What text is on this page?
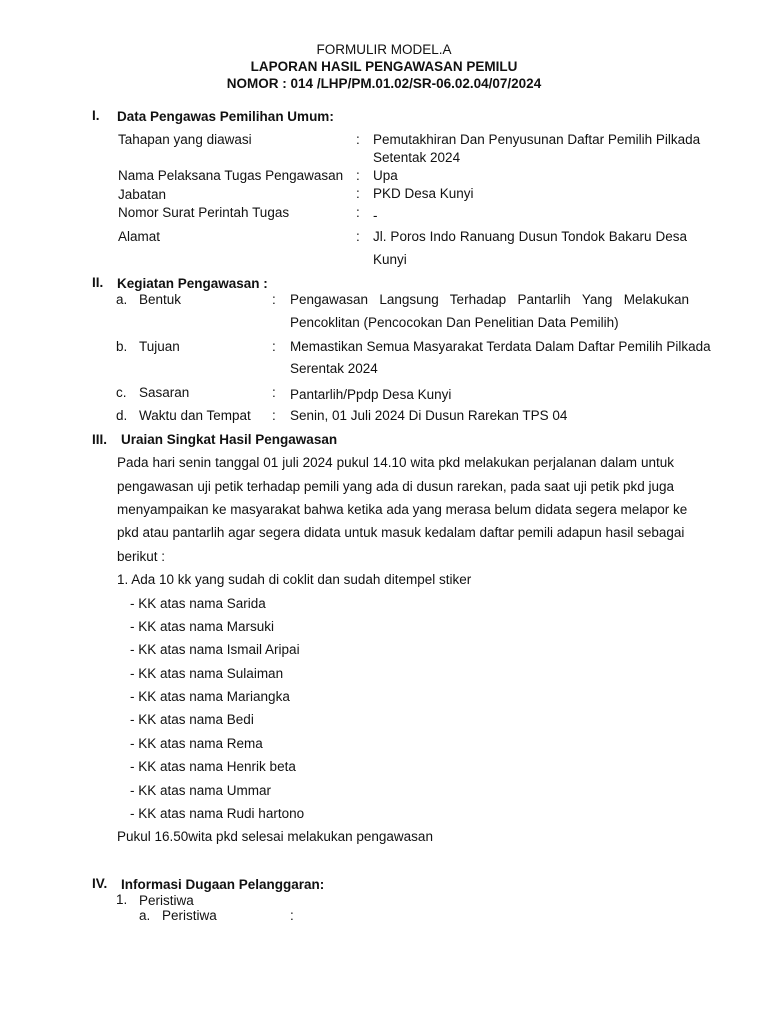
FORMULIR MODEL.A
LAPORAN HASIL PENGAWASAN PEMILU
NOMOR : 014 /LHP/PM.01.02/SR-06.02.04/07/2024
I. Data Pengawas Pemilihan Umum:
Tahapan yang diawasi	: Pemutakhiran Dan Penyusunan Daftar Pemilih Pilkada
Setentak 2024
Nama Pelaksana Tugas Pengawasan : Upa
Jabatan	: PKD Desa Kunyi
Nomor Surat Perintah Tugas	: -
Alamat	: Jl. Poros Indo Ranuang Dusun Tondok Bakaru Desa
Kunyi
II. Kegiatan Pengawasan :
a. Bentuk	: Pengawasan Langsung Terhadap Pantarlih Yang Melakukan
Pencoklitan (Pencocokan Dan Penelitian Data Pemilih)
b. Tujuan	: Memastikan Semua Masyarakat Terdata Dalam Daftar Pemilih Pilkada
Serentak 2024
c. Sasaran	: Pantarlih/Ppdp Desa Kunyi
d. Waktu dan Tempat : Senin, 01 Juli 2024 Di Dusun Rarekan TPS 04
III. Uraian Singkat Hasil Pengawasan
Pada hari senin tanggal 01 juli 2024 pukul 14.10 wita pkd melakukan perjalanan dalam untuk
pengawasan uji petik terhadap pemili yang ada di dusun rarekan, pada saat uji petik pkd juga
menyampaikan ke masyarakat bahwa ketika ada yang merasa belum didata segera melapor ke
pkd atau pantarlih agar segera didata untuk masuk kedalam daftar pemili adapun hasil sebagai
berikut :
1. Ada 10 kk yang sudah di coklit dan sudah ditempel stiker
- KK atas nama Sarida
- KK atas nama Marsuki
- KK atas nama Ismail Aripai
- KK atas nama Sulaiman
- KK atas nama Mariangka
- KK atas nama Bedi
- KK atas nama Rema
- KK atas nama Henrik beta
- KK atas nama Ummar
- KK atas nama Rudi hartono
Pukul 16.50wita pkd selesai melakukan pengawasan
IV. Informasi Dugaan Pelanggaran:
1. Peristiwa
a. Peristiwa	:
